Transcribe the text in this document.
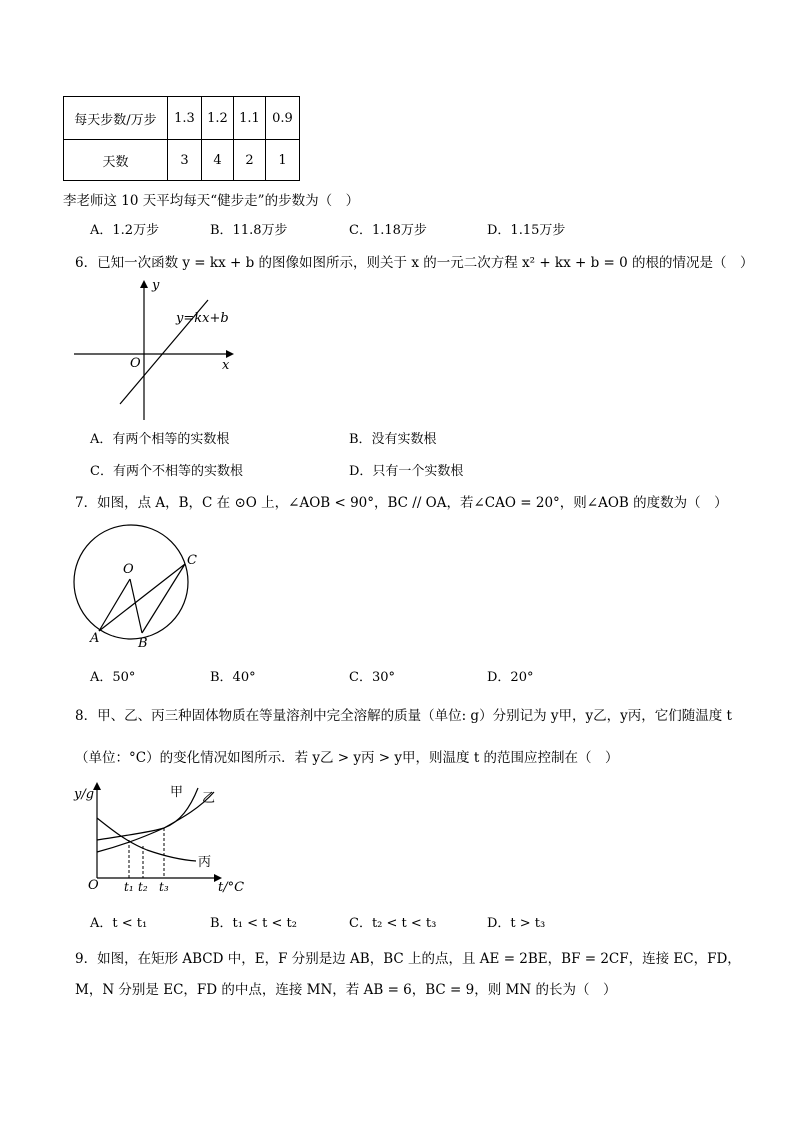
每天步数/万步	1.3	1.2	1.1	0.9
天数	3	4	2	1
李老师这 10 天平均每天“健步走”的步数为（　）
A．1.2万步	B．11.8万步	C．1.18万步	D．1.15万步
6．已知一次函数 y = kx + b 的图像如图所示，则关于 x 的一元二次方程 x² + kx + b = 0 的根的情况是（　）
y
x
O
y=kx+b
A．有两个相等的实数根	B．没有实数根
C．有两个不相等的实数根	D．只有一个实数根
7．如图，点 A，B，C 在 ⊙O 上，∠AOB < 90°，BC // OA，若∠CAO = 20°，则∠AOB 的度数为（　）
O
A	B
C
A．50°	B．40°	C．30°	D．20°
8．甲、乙、丙三种固体物质在等量溶剂中完全溶解的质量（单位: g）分别记为 y甲，y乙，y丙，它们随温度 t
（单位：°C）的变化情况如图所示．若 y乙 > y丙 > y甲，则温度 t 的范围应控制在（　）
y/g
t/°C
O
甲 乙
丙
t₁ t₂ t₃
A．t < t₁	B．t₁ < t < t₂	C．t₂ < t < t₃	D．t > t₃
9．如图，在矩形 ABCD 中，E，F 分别是边 AB，BC 上的点，且 AE = 2BE，BF = 2CF，连接 EC，FD，
M，N 分别是 EC，FD 的中点，连接 MN，若 AB = 6，BC = 9，则 MN 的长为（　）
